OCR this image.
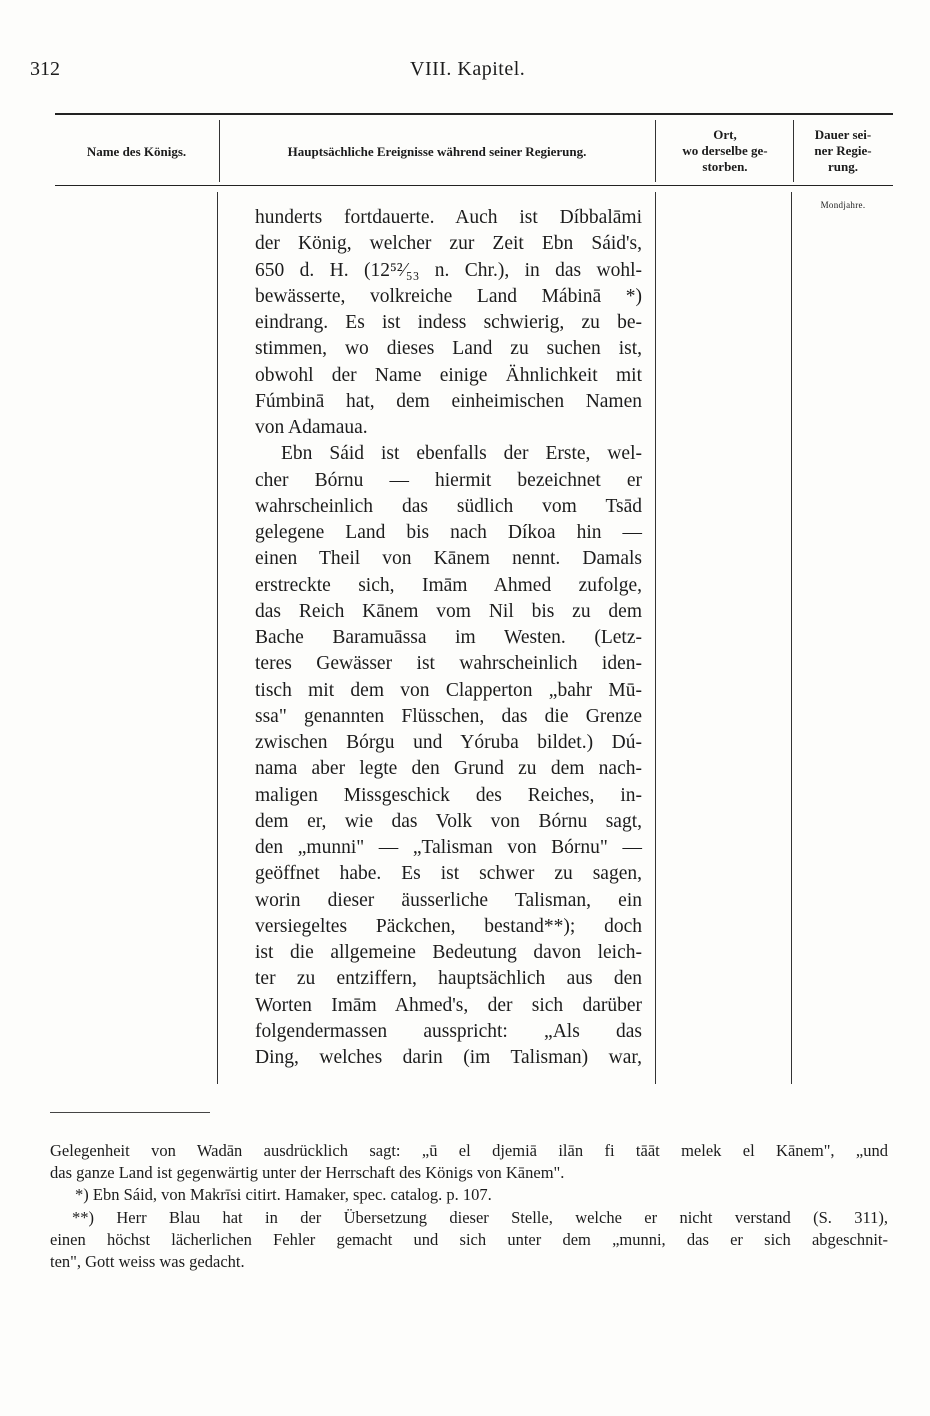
312	VIII. Kapitel.
Name des Königs.	Hauptsächliche Ereignisse während seiner Regierung.
Ort,
wo derselbe ge-
storben.
Dauer sei-
ner Regie-
rung.
Mondjahre.
hunderts fortdauerte. Auch ist Díbbalāmi
der König, welcher zur Zeit Ebn Sáid's,
650 d. H. (12⁵²⁄₅₃ n. Chr.), in das wohl-
bewässerte, volkreiche Land Mábinā *)
eindrang. Es ist indess schwierig, zu be-
stimmen, wo dieses Land zu suchen ist,
obwohl der Name einige Ähnlichkeit mit
Fúmbinā hat, dem einheimischen Namen
von Adamaua.
Ebn Sáid ist ebenfalls der Erste, wel-
cher Bórnu — hiermit bezeichnet er
wahrscheinlich das südlich vom Tsād
gelegene Land bis nach Díkoa hin —
einen Theil von Kānem nennt. Damals
erstreckte sich, Imām Ahmed zufolge,
das Reich Kānem vom Nil bis zu dem
Bache Baramuāssa im Westen. (Letz-
teres Gewässer ist wahrscheinlich iden-
tisch mit dem von Clapperton „bahr Mū-
ssa" genannten Flüsschen, das die Grenze
zwischen Bórgu und Yóruba bildet.) Dú-
nama aber legte den Grund zu dem nach-
maligen Missgeschick des Reiches, in-
dem er, wie das Volk von Bórnu sagt,
den „munni" — „Talisman von Bórnu" —
geöffnet habe. Es ist schwer zu sagen,
worin dieser äusserliche Talisman, ein
versiegeltes Päckchen, bestand**); doch
ist die allgemeine Bedeutung davon leich-
ter zu entziffern, hauptsächlich aus den
Worten Imām Ahmed's, der sich darüber
folgendermassen ausspricht: „Als das
Ding, welches darin (im Talisman) war,
Gelegenheit von Wadān ausdrücklich sagt: „ū el djemiā ilān fi tāāt melek el Kānem", „und
das ganze Land ist gegenwärtig unter der Herrschaft des Königs von Kānem".
*) Ebn Sáid, von Makrīsi citirt. Hamaker, spec. catalog. p. 107.
**) Herr Blau hat in der Übersetzung dieser Stelle, welche er nicht verstand (S. 311),
einen höchst lächerlichen Fehler gemacht und sich unter dem „munni, das er sich abgeschnit-
ten", Gott weiss was gedacht.
